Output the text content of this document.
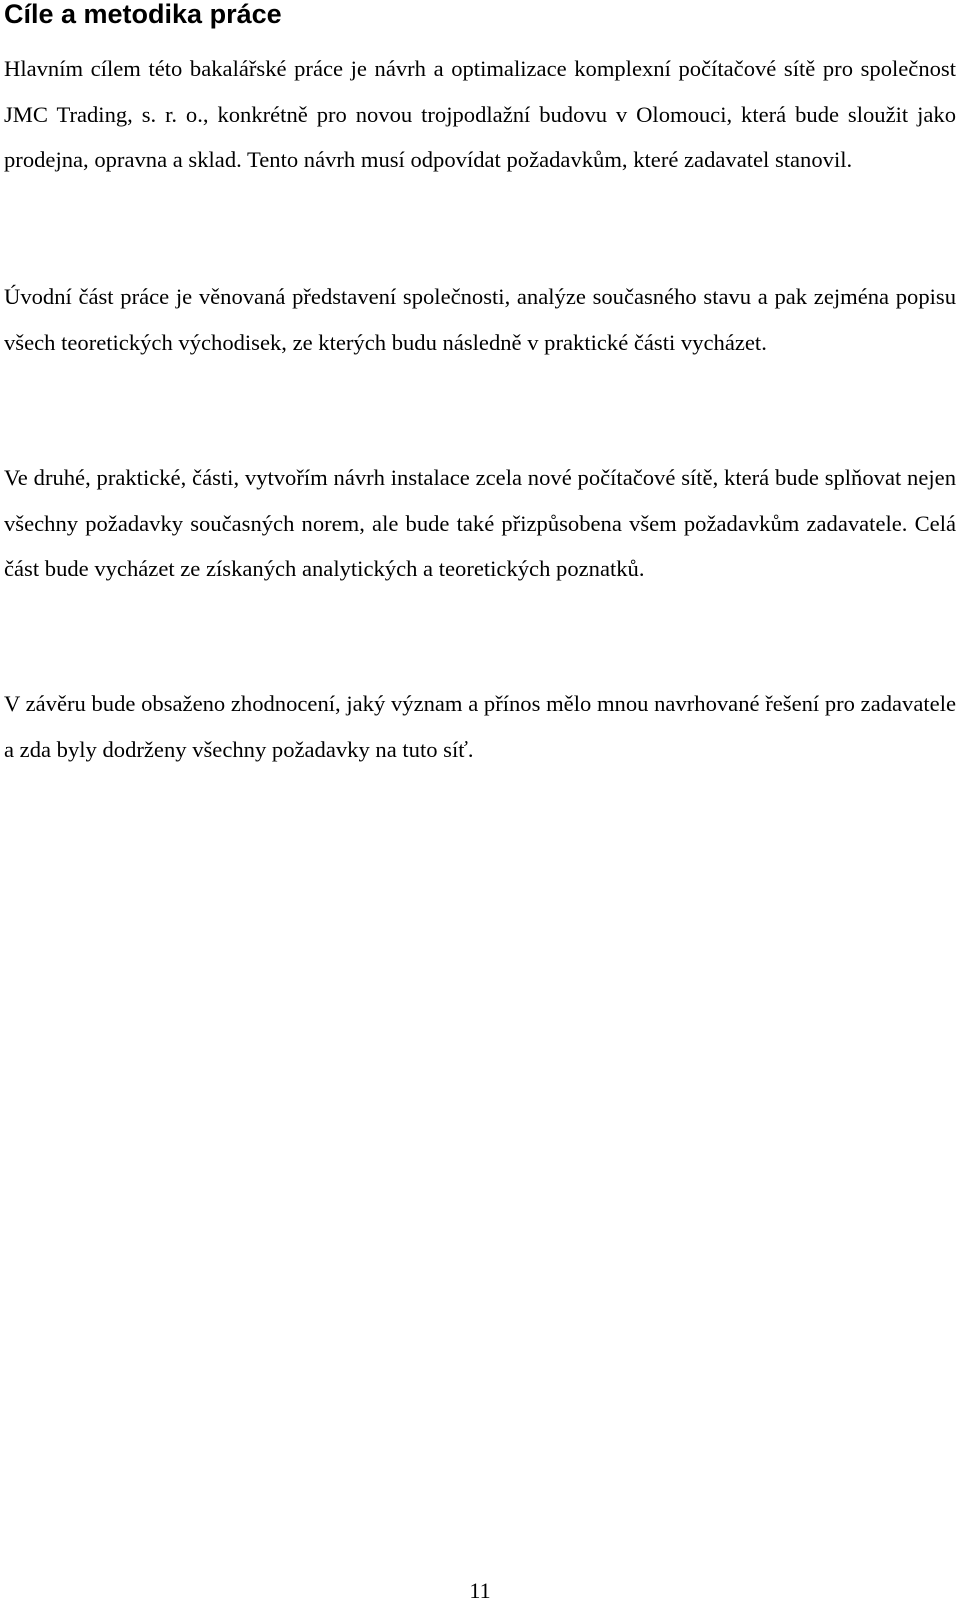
Cíle a metodika práce

Hlavním cílem této bakalářské práce je návrh a optimalizace komplexní počítačové sítě pro společnost JMC Trading, s. r. o., konkrétně pro novou trojpodlažní budovu v Olomouci, která bude sloužit jako prodejna, opravna a sklad. Tento návrh musí odpovídat požadavkům, které zadavatel stanovil.

Úvodní část práce je věnovaná představení společnosti, analýze současného stavu a pak zejména popisu všech teoretických východisek, ze kterých budu následně v praktické části vycházet.

Ve druhé, praktické, části, vytvořím návrh instalace zcela nové počítačové sítě, která bude splňovat nejen všechny požadavky současných norem, ale bude také přizpůsobena všem požadavkům zadavatele. Celá část bude vycházet ze získaných analytických a teoretických poznatků.

V závěru bude obsaženo zhodnocení, jaký význam a přínos mělo mnou navrhované řešení pro zadavatele a zda byly dodrženy všechny požadavky na tuto síť.

11
